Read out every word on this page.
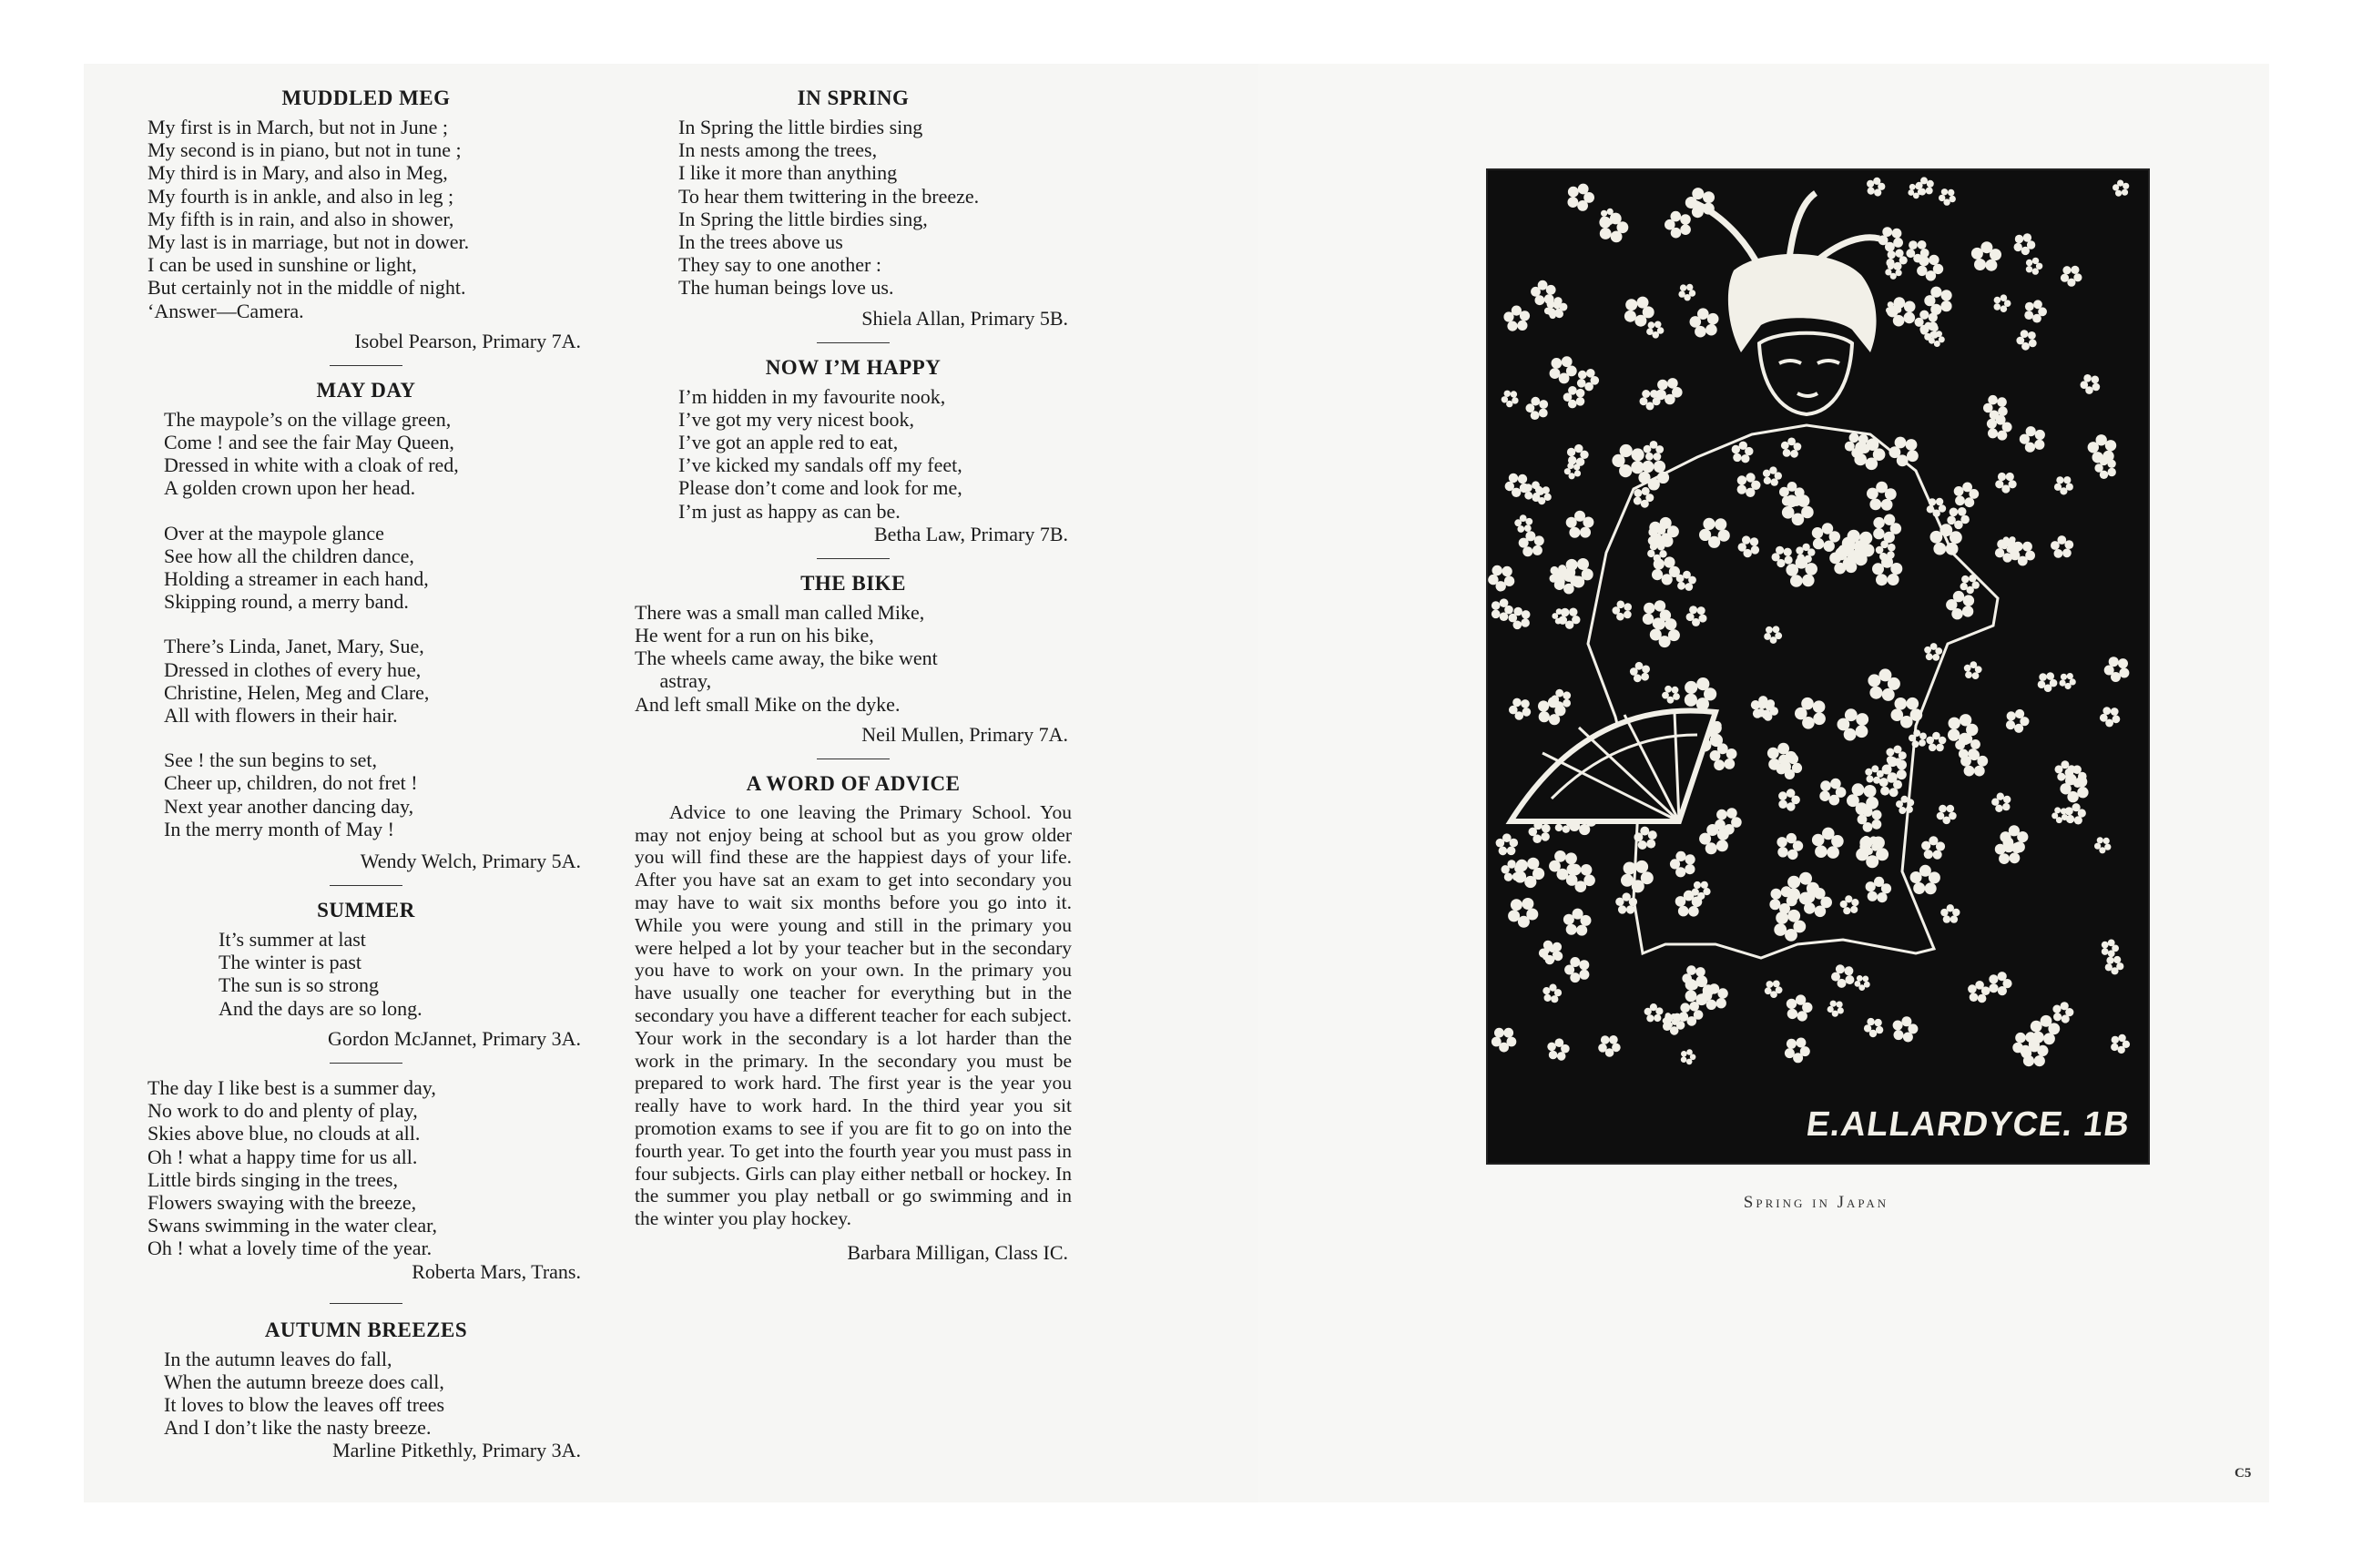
MUDDLED MEG

My first is in March, but not in June ;

My second is in piano, but not in tune ;

My third is in Mary, and also in Meg,

My fourth is in ankle, and also in leg ;

My fifth is in rain, and also in shower,

My last is in marriage, but not in dower.

I can be used in sunshine or light,

But certainly not in the middle of night.

‘Answer—Camera.

Isobel Pearson, Primary 7A.
MAY DAY

The maypole’s on the village green,

Come ! and see the fair May Queen,

Dressed in white with a cloak of red,

A golden crown upon her head.

Over at the maypole glance

See how all the children dance,

Holding a streamer in each hand,

Skipping round, a merry band.

There’s Linda, Janet, Mary, Sue,

Dressed in clothes of every hue,

Christine, Helen, Meg and Clare,

All with flowers in their hair.

See ! the sun begins to set,

Cheer up, children, do not fret !

Next year another dancing day,

In the merry month of May !

Wendy Welch, Primary 5A.
SUMMER

It’s summer at last

The winter is past

The sun is so strong

And the days are so long.

Gordon McJannet, Primary 3A.

The day I like best is a summer day,

No work to do and plenty of play,

Skies above blue, no clouds at all.

Oh ! what a happy time for us all.

Little birds singing in the trees,

Flowers swaying with the breeze,

Swans swimming in the water clear,

Oh ! what a lovely time of the year.

Roberta Mars, Trans.
AUTUMN BREEZES

In the autumn leaves do fall,

When the autumn breeze does call,

It loves to blow the leaves off trees

And I don’t like the nasty breeze.

Marline Pitkethly, Primary 3A.
IN SPRING

In Spring the little birdies sing

In nests among the trees,

I like it more than anything

To hear them twittering in the breeze.

In Spring the little birdies sing,

In the trees above us

They say to one another :

The human beings love us.

Shiela Allan, Primary 5B.
NOW I’M HAPPY

I’m hidden in my favourite nook,

I’ve got my very nicest book,

I’ve got an apple red to eat,

I’ve kicked my sandals off my feet,

Please don’t come and look for me,

I’m just as happy as can be.

Betha Law, Primary 7B.
THE BIKE

There was a small man called Mike,

He went for a run on his bike,

The wheels came away, the bike went

astray,

And left small Mike on the dyke.

Neil Mullen, Primary 7A.
A WORD OF ADVICE

Advice to one leaving the Primary School. You may not enjoy being at school but as you grow older you will find these are the happiest days of your life. After you have sat an exam to get into secondary you may have to wait six months before you go into it. While you were young and still in the primary you were helped a lot by your teacher but in the secondary you have to work on your own. In the primary you have usually one teacher for everything but in the secondary you have a different teacher for each subject. Your work in the secondary is a lot harder than the work in the primary. In the secondary you must be prepared to work hard. The first year is the year you really have to work hard. In the third year you sit promotion exams to see if you are fit to go on into the fourth year. To get into the fourth year you must pass in four subjects. Girls can play either netball or hockey. In the summer you play netball or go swimming and in the winter you play hockey.

Barbara Milligan, Class IC.
E.ALLARDYCE. 1B
Spring in Japan
C5
